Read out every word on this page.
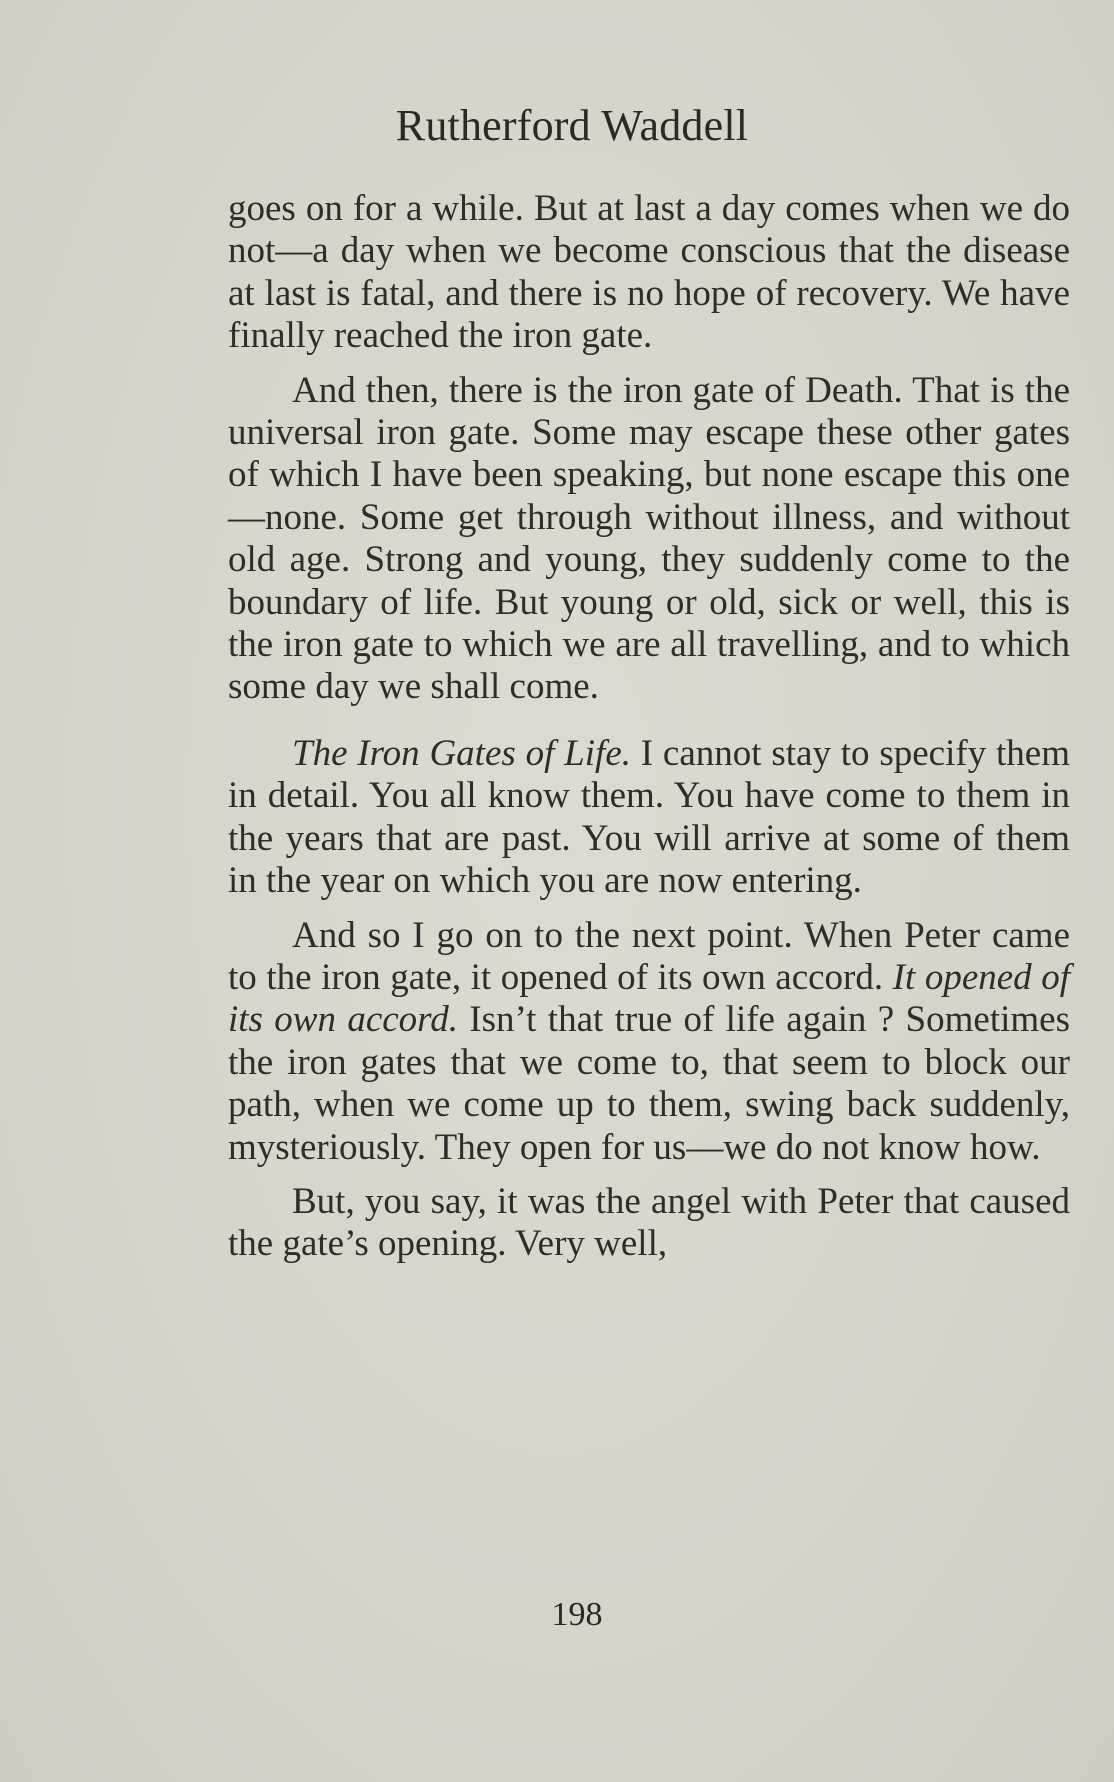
Rutherford Waddell

goes on for a while. But at last a day comes when we do not—a day when we become conscious that the disease at last is fatal, and there is no hope of recovery. We have finally reached the iron gate.

And then, there is the iron gate of Death. That is the universal iron gate. Some may escape these other gates of which I have been speaking, but none escape this one—none. Some get through without illness, and without old age. Strong and young, they suddenly come to the boundary of life. But young or old, sick or well, this is the iron gate to which we are all travelling, and to which some day we shall come.

The Iron Gates of Life. I cannot stay to specify them in detail. You all know them. You have come to them in the years that are past. You will arrive at some of them in the year on which you are now entering.

And so I go on to the next point. When Peter came to the iron gate, it opened of its own accord. It opened of its own accord. Isn’t that true of life again ? Sometimes the iron gates that we come to, that seem to block our path, when we come up to them, swing back suddenly, mysteriously. They open for us—we do not know how.

But, you say, it was the angel with Peter that caused the gate’s opening. Very well,

198
